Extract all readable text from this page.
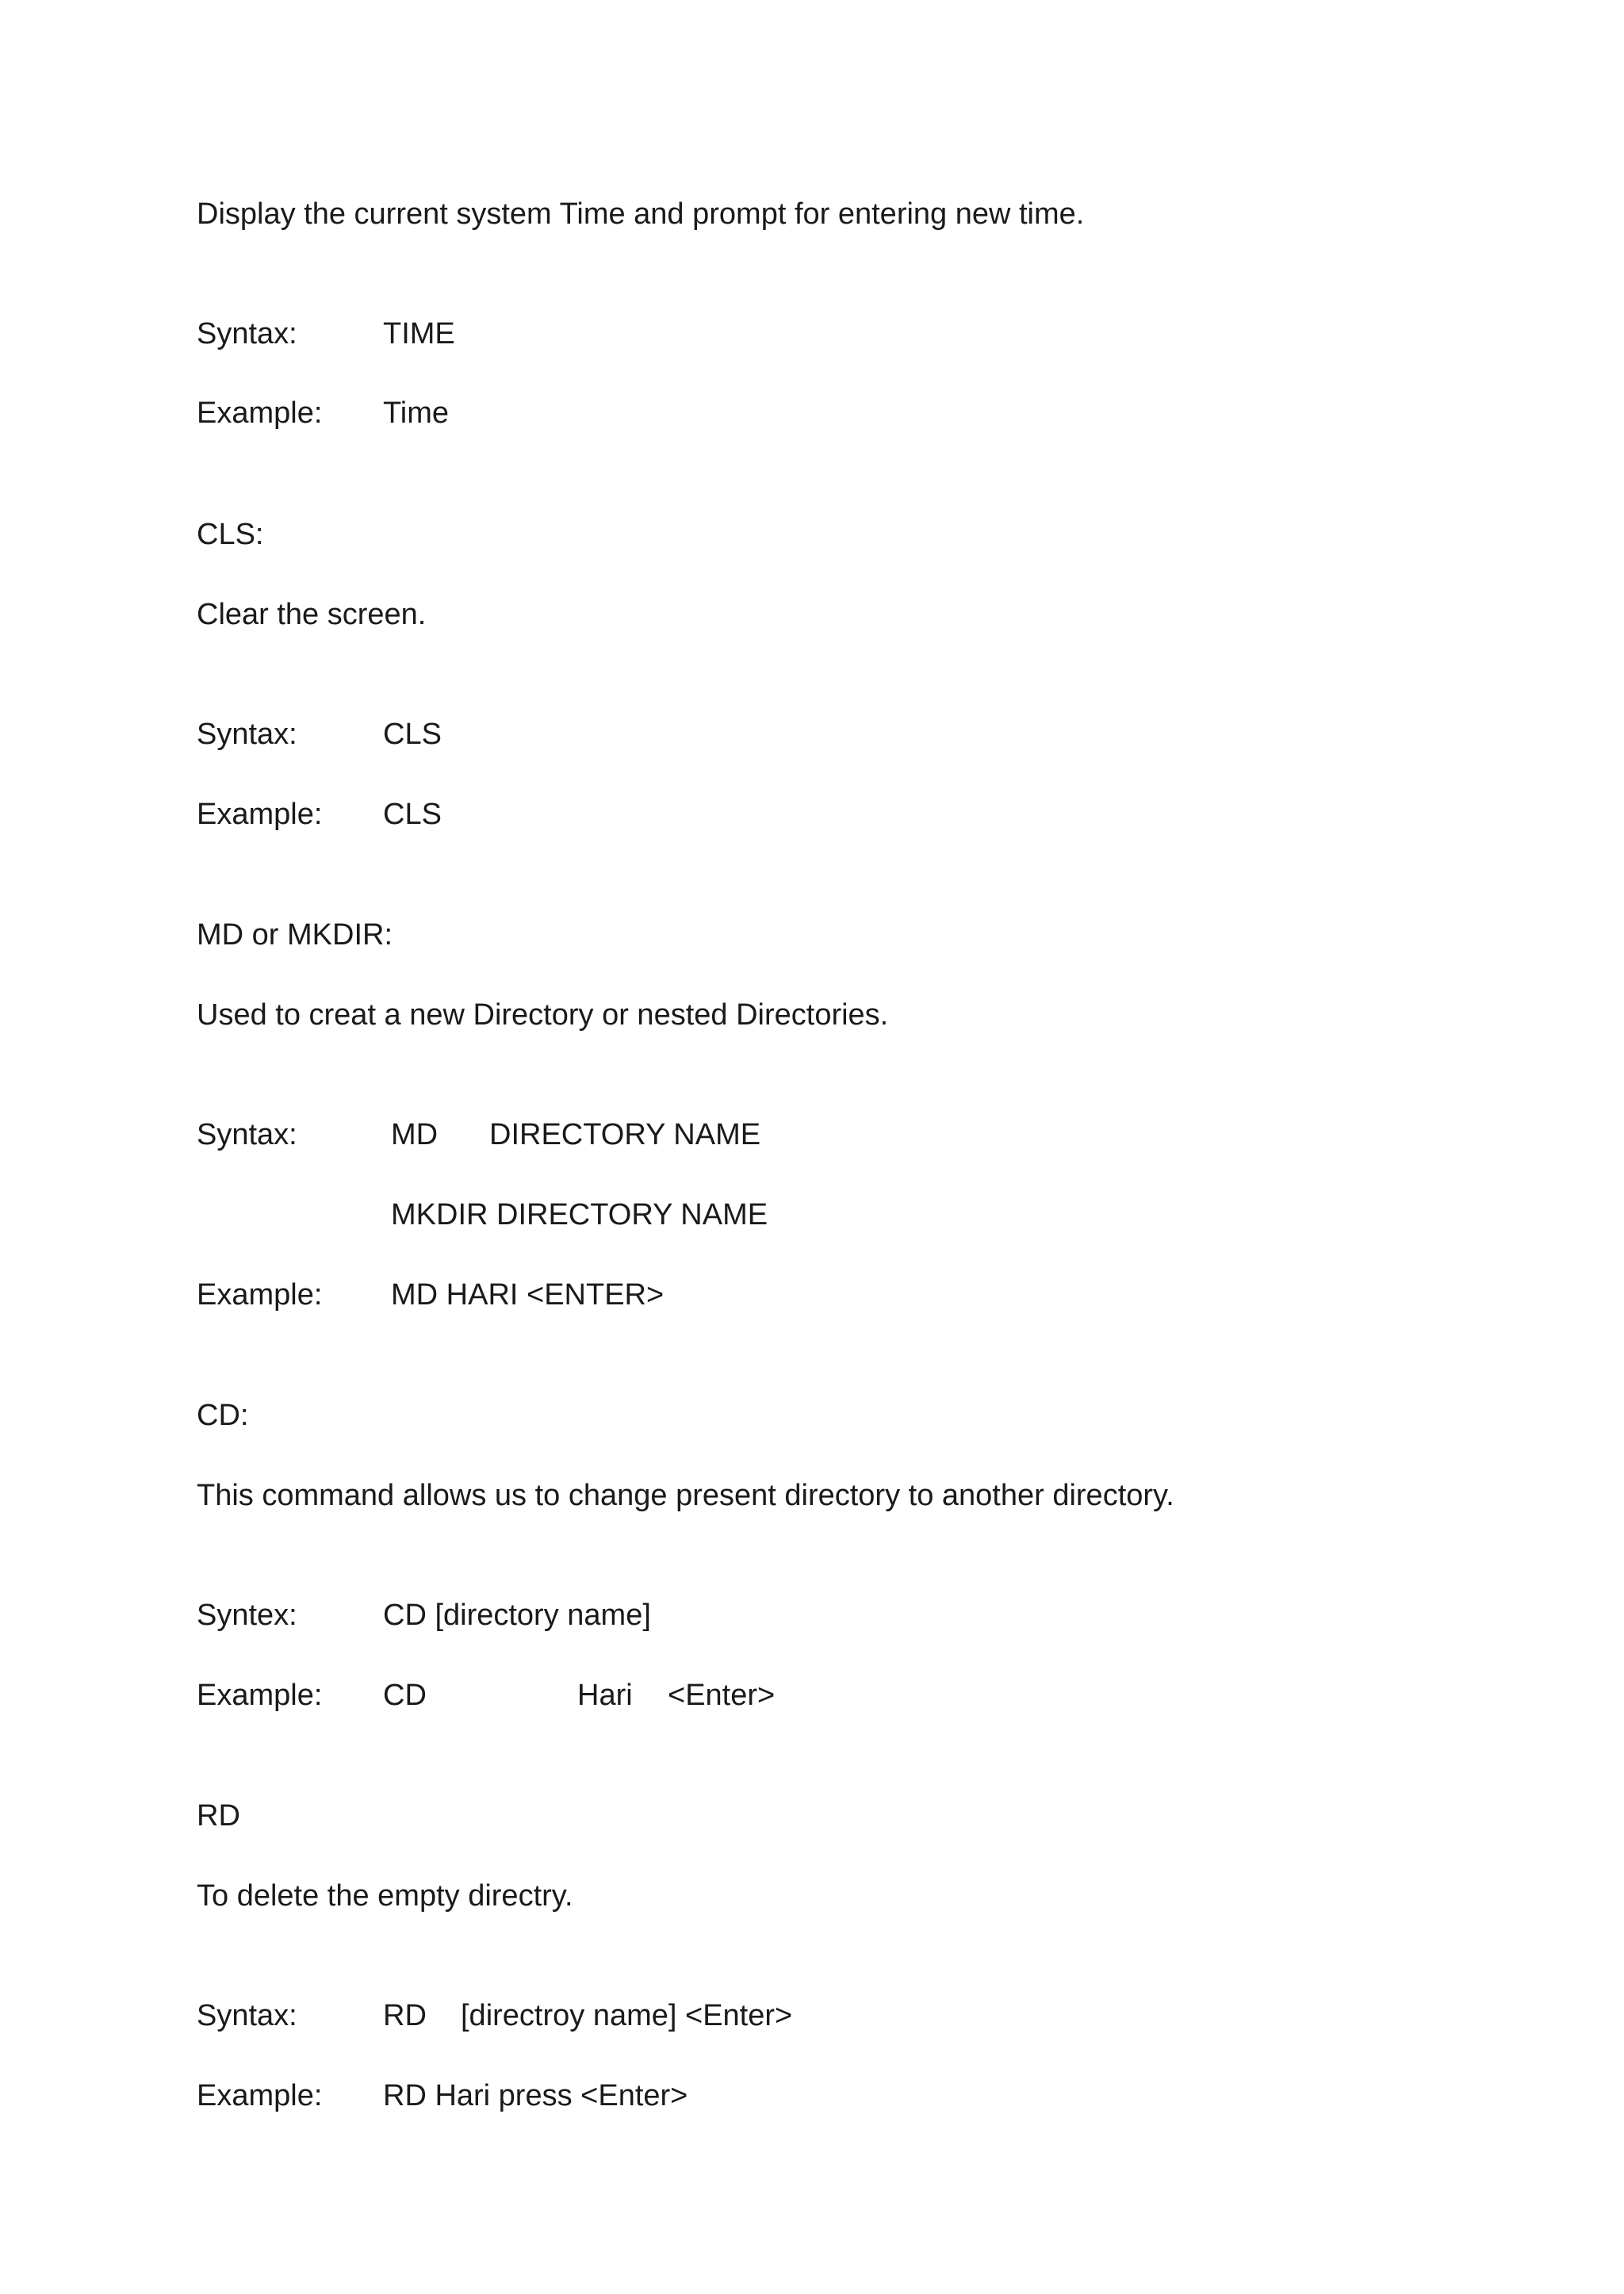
Display the current system Time and prompt for entering new time.
Syntax:	TIME
Example: Time
CLS:
Clear the screen.
Syntax:	CLS
Example: CLS
MD or MKDIR:
Used to creat a new Directory or nested Directories.
Syntax:	MD DIRECTORY NAME
MKDIR DIRECTORY NAME
Example: MD HARI <ENTER>
CD:
This command allows us to change present directory to another directory.
Syntex:	CD [directory name]
Example: CD	Hari <Enter>
RD
To delete the empty directry.
Syntax:	RD [directroy name] <Enter>
Example: RD Hari press <Enter>
